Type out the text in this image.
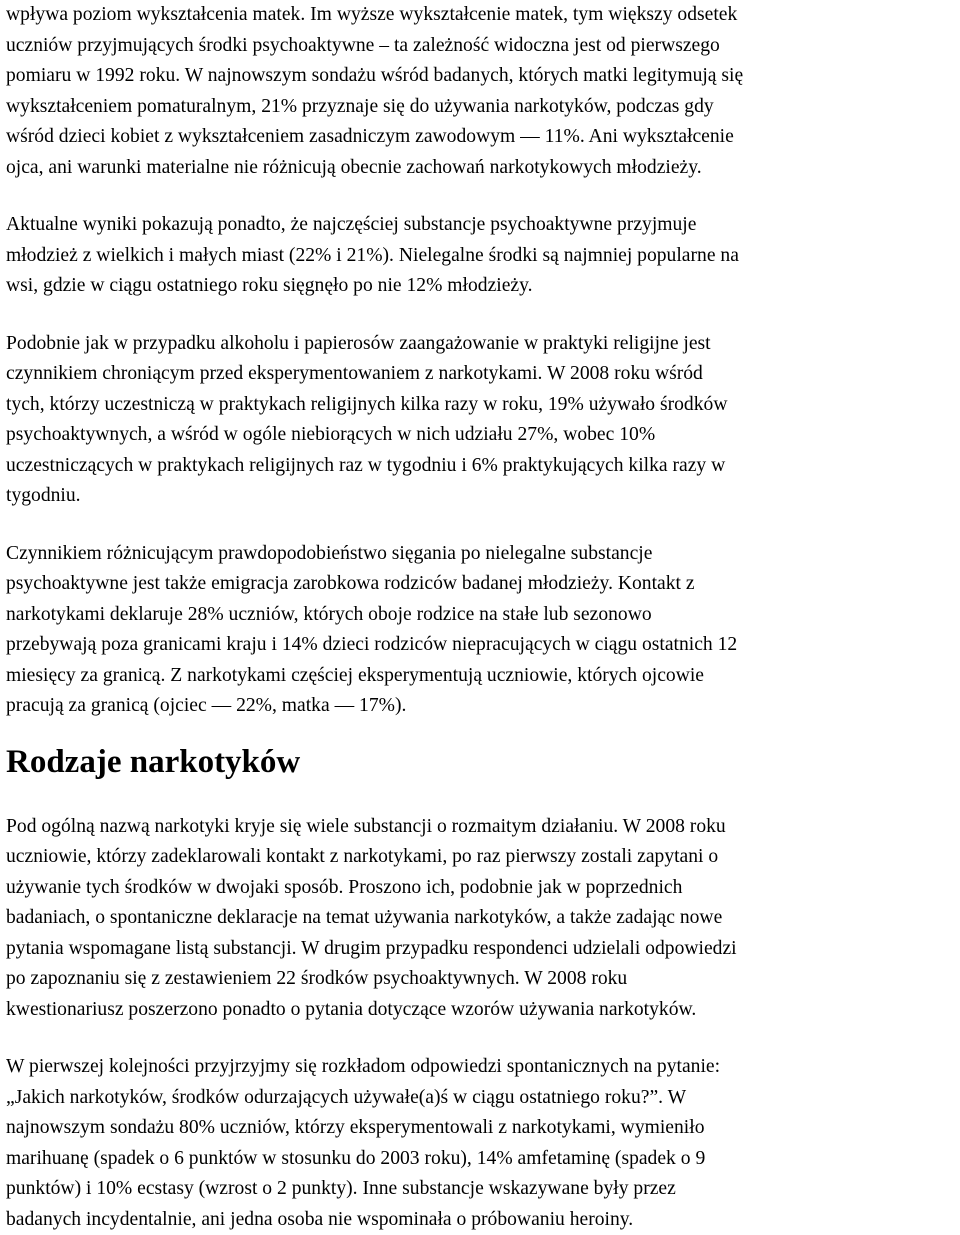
wpływa poziom wykształcenia matek. Im wyższe wykształcenie matek, tym większy odsetek
uczniów przyjmujących środki psychoaktywne – ta zależność widoczna jest od pierwszego
pomiaru w 1992 roku. W najnowszym sondażu wśród badanych, których matki legitymują się
wykształceniem pomaturalnym, 21% przyznaje się do używania narkotyków, podczas gdy
wśród dzieci kobiet z wykształceniem zasadniczym zawodowym — 11%. Ani wykształcenie
ojca, ani warunki materialne nie różnicują obecnie zachowań narkotykowych młodzieży.

Aktualne wyniki pokazują ponadto, że najczęściej substancje psychoaktywne przyjmuje
młodzież z wielkich i małych miast (22% i 21%). Nielegalne środki są najmniej popularne na
wsi, gdzie w ciągu ostatniego roku sięgnęło po nie 12% młodzieży.

Podobnie jak w przypadku alkoholu i papierosów zaangażowanie w praktyki religijne jest
czynnikiem chroniącym przed eksperymentowaniem z narkotykami. W 2008 roku wśród
tych, którzy uczestniczą w praktykach religijnych kilka razy w roku, 19% używało środków
psychoaktywnych, a wśród w ogóle niebiorących w nich udziału 27%, wobec 10%
uczestniczących w praktykach religijnych raz w tygodniu i 6% praktykujących kilka razy w
tygodniu.

Czynnikiem różnicującym prawdopodobieństwo sięgania po nielegalne substancje
psychoaktywne jest także emigracja zarobkowa rodziców badanej młodzieży. Kontakt z
narkotykami deklaruje 28% uczniów, których oboje rodzice na stałe lub sezonowo
przebywają poza granicami kraju i 14% dzieci rodziców niepracujących w ciągu ostatnich 12
miesięcy za granicą. Z narkotykami częściej eksperymentują uczniowie, których ojcowie
pracują za granicą (ojciec — 22%, matka — 17%).

Rodzaje narkotyków

Pod ogólną nazwą narkotyki kryje się wiele substancji o rozmaitym działaniu. W 2008 roku
uczniowie, którzy zadeklarowali kontakt z narkotykami, po raz pierwszy zostali zapytani o
używanie tych środków w dwojaki sposób. Proszono ich, podobnie jak w poprzednich
badaniach, o spontaniczne deklaracje na temat używania narkotyków, a także zadając nowe
pytania wspomagane listą substancji. W drugim przypadku respondenci udzielali odpowiedzi
po zapoznaniu się z zestawieniem 22 środków psychoaktywnych. W 2008 roku
kwestionariusz poszerzono ponadto o pytania dotyczące wzorów używania narkotyków.

W pierwszej kolejności przyjrzyjmy się rozkładom odpowiedzi spontanicznych na pytanie:
„Jakich narkotyków, środków odurzających używałe(a)ś w ciągu ostatniego roku?”. W
najnowszym sondażu 80% uczniów, którzy eksperymentowali z narkotykami, wymieniło
marihuanę (spadek o 6 punktów w stosunku do 2003 roku), 14% amfetaminę (spadek o 9
punktów) i 10% ecstasy (wzrost o 2 punkty). Inne substancje wskazywane były przez
badanych incydentalnie, ani jedna osoba nie wspominała o próbowaniu heroiny.
